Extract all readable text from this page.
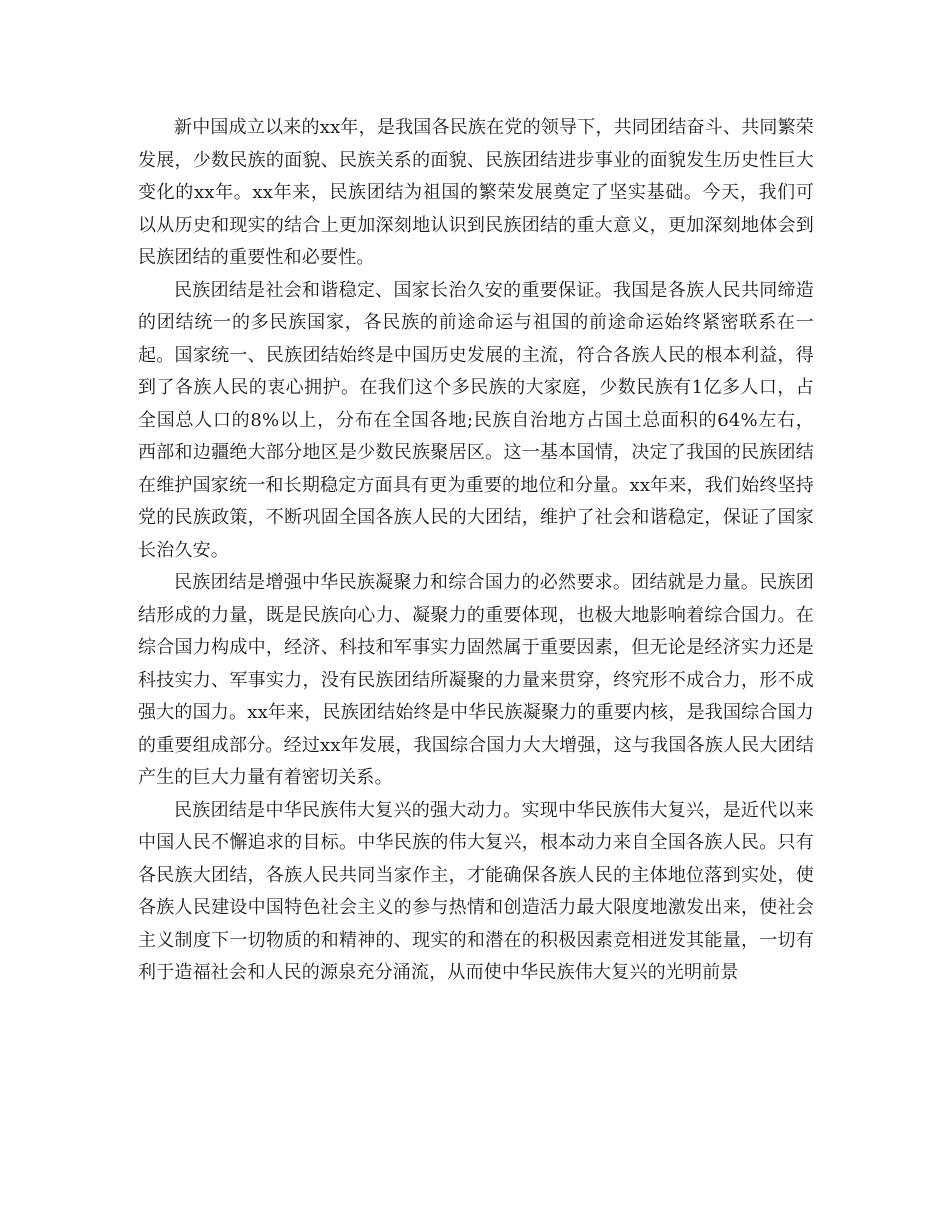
新中国成立以来的xx年，是我国各民族在党的领导下，共同团结奋斗、共同繁荣发展，少数民族的面貌、民族关系的面貌、民族团结进步事业的面貌发生历史性巨大变化的xx年。xx年来，民族团结为祖国的繁荣发展奠定了坚实基础。今天，我们可以从历史和现实的结合上更加深刻地认识到民族团结的重大意义，更加深刻地体会到民族团结的重要性和必要性。

民族团结是社会和谐稳定、国家长治久安的重要保证。我国是各族人民共同缔造的团结统一的多民族国家，各民族的前途命运与祖国的前途命运始终紧密联系在一起。国家统一、民族团结始终是中国历史发展的主流，符合各族人民的根本利益，得到了各族人民的衷心拥护。在我们这个多民族的大家庭，少数民族有1亿多人口，占全国总人口的8%以上，分布在全国各地;民族自治地方占国土总面积的64%左右，西部和边疆绝大部分地区是少数民族聚居区。这一基本国情，决定了我国的民族团结在维护国家统一和长期稳定方面具有更为重要的地位和分量。xx年来，我们始终坚持党的民族政策，不断巩固全国各族人民的大团结，维护了社会和谐稳定，保证了国家长治久安。

民族团结是增强中华民族凝聚力和综合国力的必然要求。团结就是力量。民族团结形成的力量，既是民族向心力、凝聚力的重要体现，也极大地影响着综合国力。在综合国力构成中，经济、科技和军事实力固然属于重要因素，但无论是经济实力还是科技实力、军事实力，没有民族团结所凝聚的力量来贯穿，终究形不成合力，形不成强大的国力。xx年来，民族团结始终是中华民族凝聚力的重要内核，是我国综合国力的重要组成部分。经过xx年发展，我国综合国力大大增强，这与我国各族人民大团结产生的巨大力量有着密切关系。

民族团结是中华民族伟大复兴的强大动力。实现中华民族伟大复兴，是近代以来中国人民不懈追求的目标。中华民族的伟大复兴，根本动力来自全国各族人民。只有各民族大团结，各族人民共同当家作主，才能确保各族人民的主体地位落到实处，使各族人民建设中国特色社会主义的参与热情和创造活力最大限度地激发出来，使社会主义制度下一切物质的和精神的、现实的和潜在的积极因素竞相迸发其能量，一切有利于造福社会和人民的源泉充分涌流，从而使中华民族伟大复兴的光明前景
